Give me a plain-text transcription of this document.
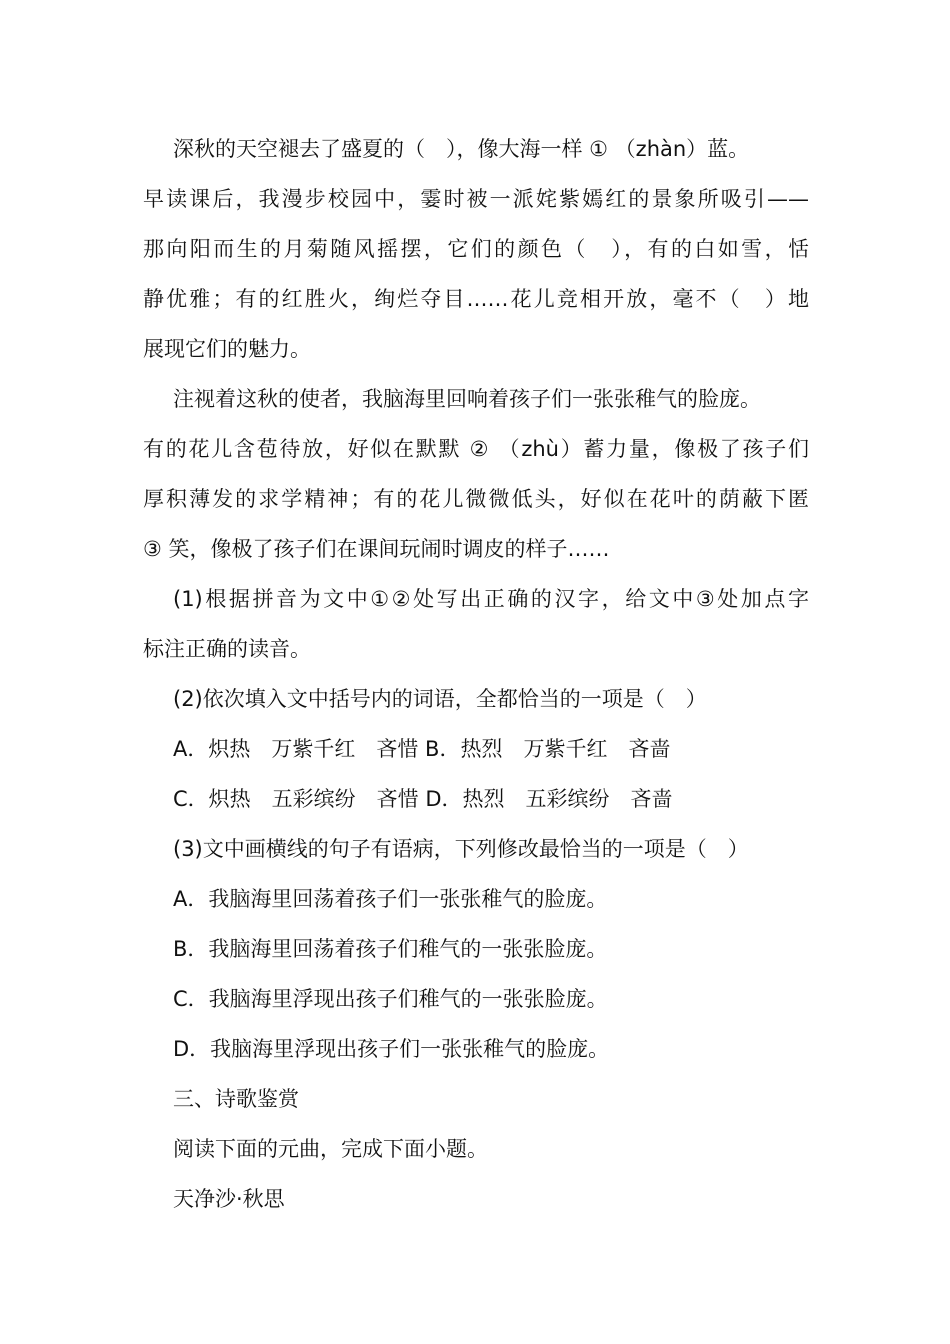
深秋的天空褪去了盛夏的（　），像大海一样 ① （zhàn）蓝。
早读课后，我漫步校园中，霎时被一派姹紫嫣红的景象所吸引——
那向阳而生的月菊随风摇摆，它们的颜色（　），有的白如雪，恬
静优雅；有的红胜火，绚烂夺目……花儿竞相开放，毫不（　）地
展现它们的魅力。
注视着这秋的使者，我脑海里回响着孩子们一张张稚气的脸庞。
有的花儿含苞待放，好似在默默 ② （zhù）蓄力量，像极了孩子们
厚积薄发的求学精神；有的花儿微微低头，好似在花叶的荫蔽下匿
③ 笑，像极了孩子们在课间玩闹时调皮的样子……
(1)根据拼音为文中①②处写出正确的汉字，给文中③处加点字
标注正确的读音。
(2)依次填入文中括号内的词语，全都恰当的一项是（　）
A．炽热　万紫千红　吝惜 B．热烈　万紫千红　吝啬
C．炽热　五彩缤纷　吝惜 D．热烈　五彩缤纷　吝啬
(3)文中画横线的句子有语病，下列修改最恰当的一项是（　）
A．我脑海里回荡着孩子们一张张稚气的脸庞。
B．我脑海里回荡着孩子们稚气的一张张脸庞。
C．我脑海里浮现出孩子们稚气的一张张脸庞。
D．我脑海里浮现出孩子们一张张稚气的脸庞。
三、诗歌鉴赏
阅读下面的元曲，完成下面小题。
天净沙·秋思
